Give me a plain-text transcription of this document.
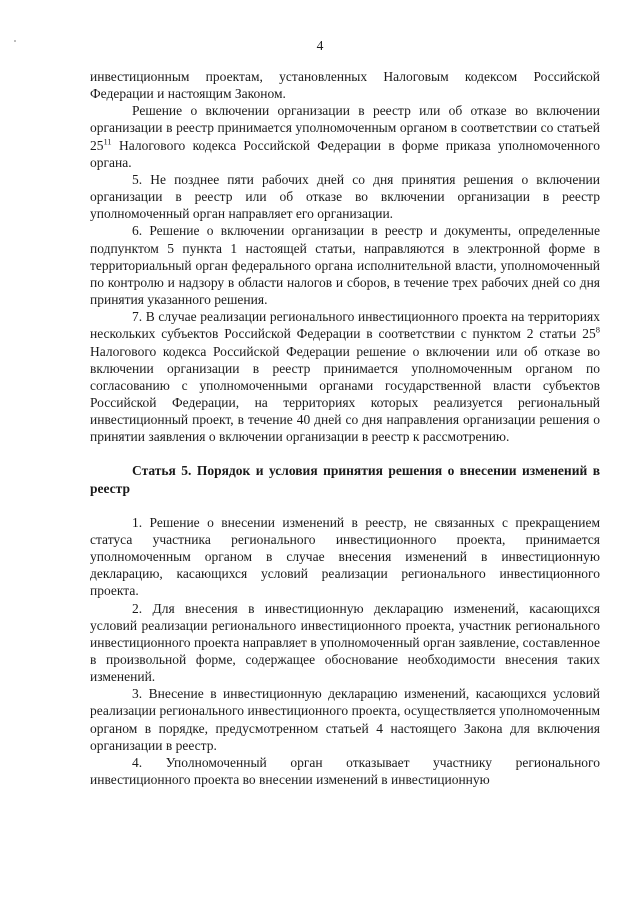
4

инвестиционным проектам, установленных Налоговым кодексом Российской Федерации и настоящим Законом.

Решение о включении организации в реестр или об отказе во включении организации в реестр принимается уполномоченным органом в соответствии со статьей $25^{11}$ Налогового кодекса Российской Федерации в форме приказа уполномоченного органа.

5. Не позднее пяти рабочих дней со дня принятия решения о включении организации в реестр или об отказе во включении организации в реестр уполномоченный орган направляет его организации.

6. Решение о включении организации в реестр и документы, определенные подпунктом 5 пункта 1 настоящей статьи, направляются в электронной форме в территориальный орган федерального органа исполнительной власти, уполномоченный по контролю и надзору в области налогов и сборов, в течение трех рабочих дней со дня принятия указанного решения.

7. В случае реализации регионального инвестиционного проекта на территориях нескольких субъектов Российской Федерации в соответствии с пунктом 2 статьи $25^8$ Налогового кодекса Российской Федерации решение о включении или об отказе во включении организации в реестр принимается уполномоченным органом по согласованию с уполномоченными органами государственной власти субъектов Российской Федерации, на территориях которых реализуется региональный инвестиционный проект, в течение 40 дней со дня направления организации решения о принятии заявления о включении организации в реестр к рассмотрению.

Статья 5. Порядок и условия принятия решения о внесении изменений в реестр

1. Решение о внесении изменений в реестр, не связанных с прекращением статуса участника регионального инвестиционного проекта, принимается уполномоченным органом в случае внесения изменений в инвестиционную декларацию, касающихся условий реализации регионального инвестиционного проекта.

2. Для внесения в инвестиционную декларацию изменений, касающихся условий реализации регионального инвестиционного проекта, участник регионального инвестиционного проекта направляет в уполномоченный орган заявление, составленное в произвольной форме, содержащее обоснование необходимости внесения таких изменений.

3. Внесение в инвестиционную декларацию изменений, касающихся условий реализации регионального инвестиционного проекта, осуществляется уполномоченным органом в порядке, предусмотренном статьей 4 настоящего Закона для включения организации в реестр.

4. Уполномоченный орган отказывает участнику регионального инвестиционного проекта во внесении изменений в инвестиционную
